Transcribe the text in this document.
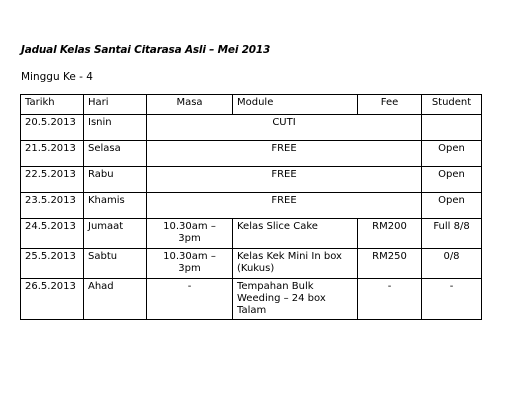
Jadual Kelas Santai Citarasa Asli – Mei 2013
Minggu Ke - 4
Tarikh	Hari	Masa	Module	Fee	Student
20.5.2013	Isnin	CUTI			
21.5.2013	Selasa	FREE			Open
22.5.2013	Rabu	FREE			Open
23.5.2013	Khamis	FREE			Open
24.5.2013	Jumaat	10.30am – 3pm	Kelas Slice Cake	RM200	Full 8/8
25.5.2013	Sabtu	10.30am – 3pm	Kelas Kek Mini In box (Kukus)	RM250	0/8
26.5.2013	Ahad	-	Tempahan Bulk Weeding – 24 box Talam	-	-
